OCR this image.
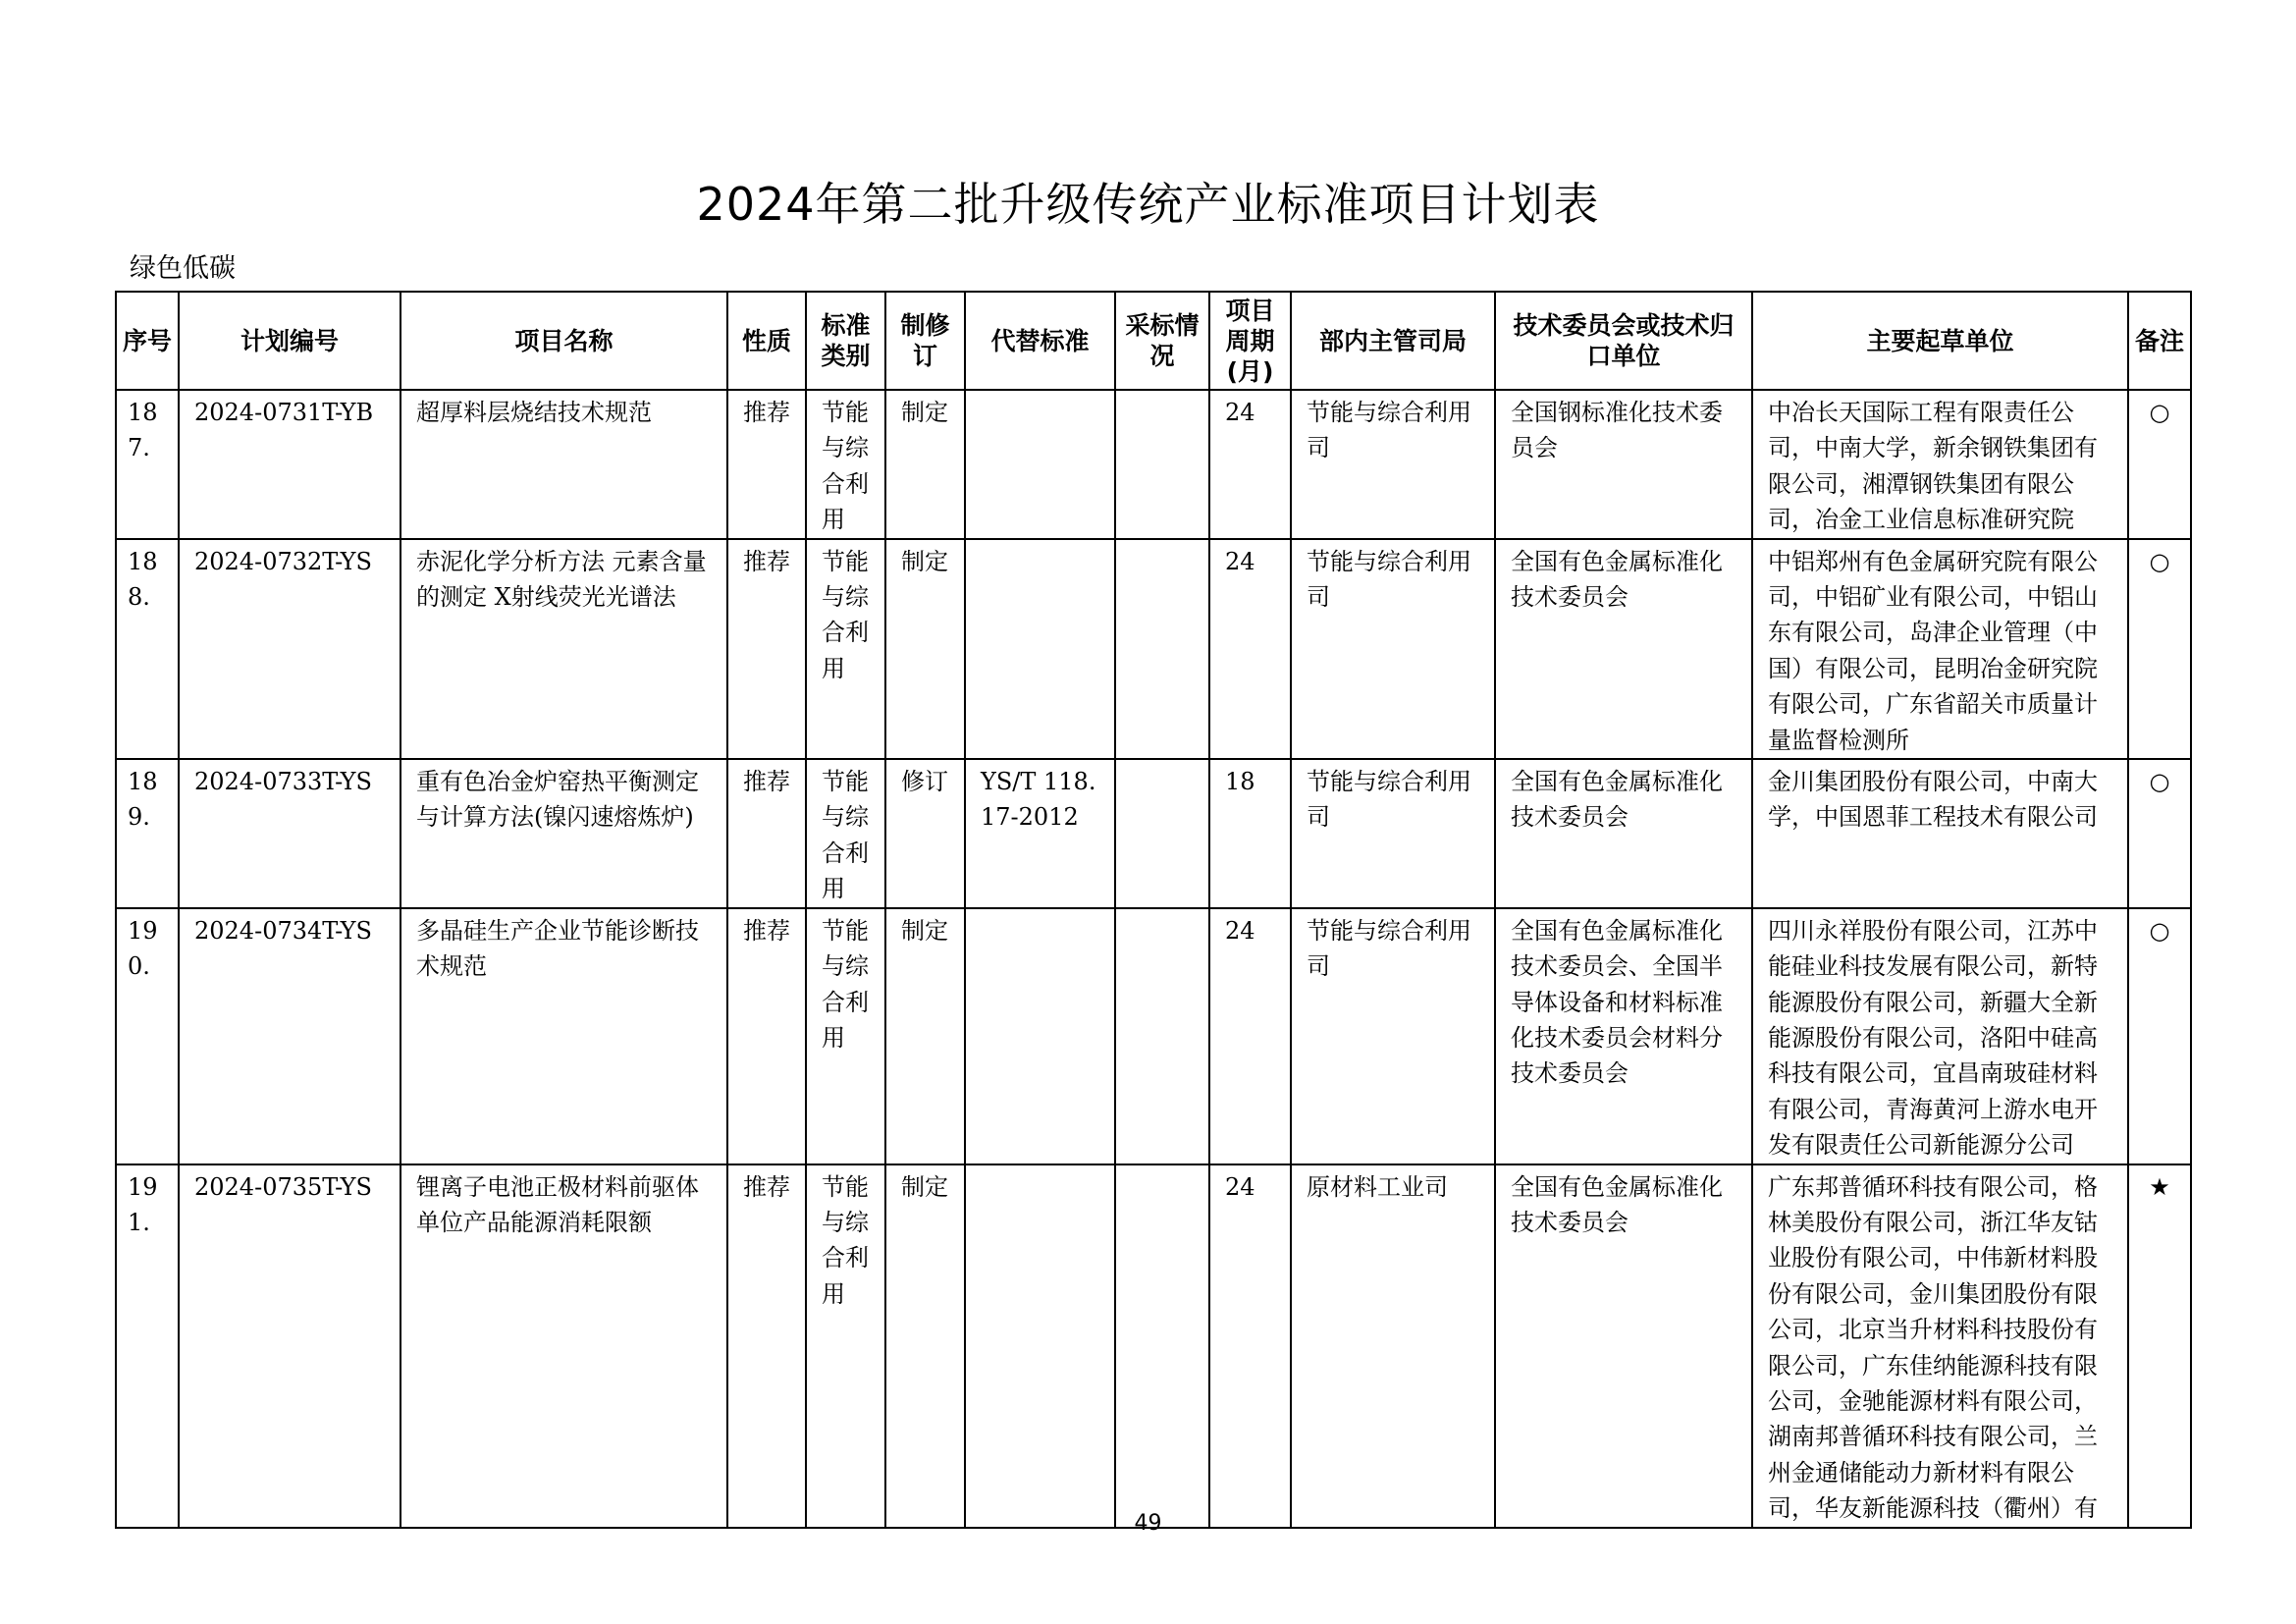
2024年第二批升级传统产业标准项目计划表
绿色低碳
序号	计划编号	项目名称	性质	标准类别	制修订	代替标准	采标情况	项目周期(月)	部内主管司局	技术委员会或技术归口单位	主要起草单位	备注
187.	2024-0731T-YB	超厚料层烧结技术规范	推荐	节能与综合利用	制定			24	节能与综合利用司	全国钢标准化技术委员会	中冶长天国际工程有限责任公司，中南大学，新余钢铁集团有限公司，湘潭钢铁集团有限公司，冶金工业信息标准研究院	○
188.	2024-0732T-YS	赤泥化学分析方法 元素含量的测定 X射线荧光光谱法	推荐	节能与综合利用	制定			24	节能与综合利用司	全国有色金属标准化技术委员会	中铝郑州有色金属研究院有限公司，中铝矿业有限公司，中铝山东有限公司，岛津企业管理（中国）有限公司，昆明冶金研究院有限公司，广东省韶关市质量计量监督检测所	○
189.	2024-0733T-YS	重有色冶金炉窑热平衡测定与计算方法(镍闪速熔炼炉)	推荐	节能与综合利用	修订	YS/T 118.17-2012		18	节能与综合利用司	全国有色金属标准化技术委员会	金川集团股份有限公司，中南大学，中国恩菲工程技术有限公司	○
190.	2024-0734T-YS	多晶硅生产企业节能诊断技术规范	推荐	节能与综合利用	制定			24	节能与综合利用司	全国有色金属标准化技术委员会、全国半导体设备和材料标准化技术委员会材料分技术委员会	四川永祥股份有限公司，江苏中能硅业科技发展有限公司，新特能源股份有限公司，新疆大全新能源股份有限公司，洛阳中硅高科技有限公司，宜昌南玻硅材料有限公司，青海黄河上游水电开发有限责任公司新能源分公司	○
191.	2024-0735T-YS	锂离子电池正极材料前驱体单位产品能源消耗限额	推荐	节能与综合利用	制定			24	原材料工业司	全国有色金属标准化技术委员会	广东邦普循环科技有限公司，格林美股份有限公司，浙江华友钴业股份有限公司，中伟新材料股份有限公司，金川集团股份有限公司，北京当升材料科技股份有限公司，广东佳纳能源科技有限公司，金驰能源材料有限公司，湖南邦普循环科技有限公司，兰州金通储能动力新材料有限公司，华友新能源科技（衢州）有	★
49
